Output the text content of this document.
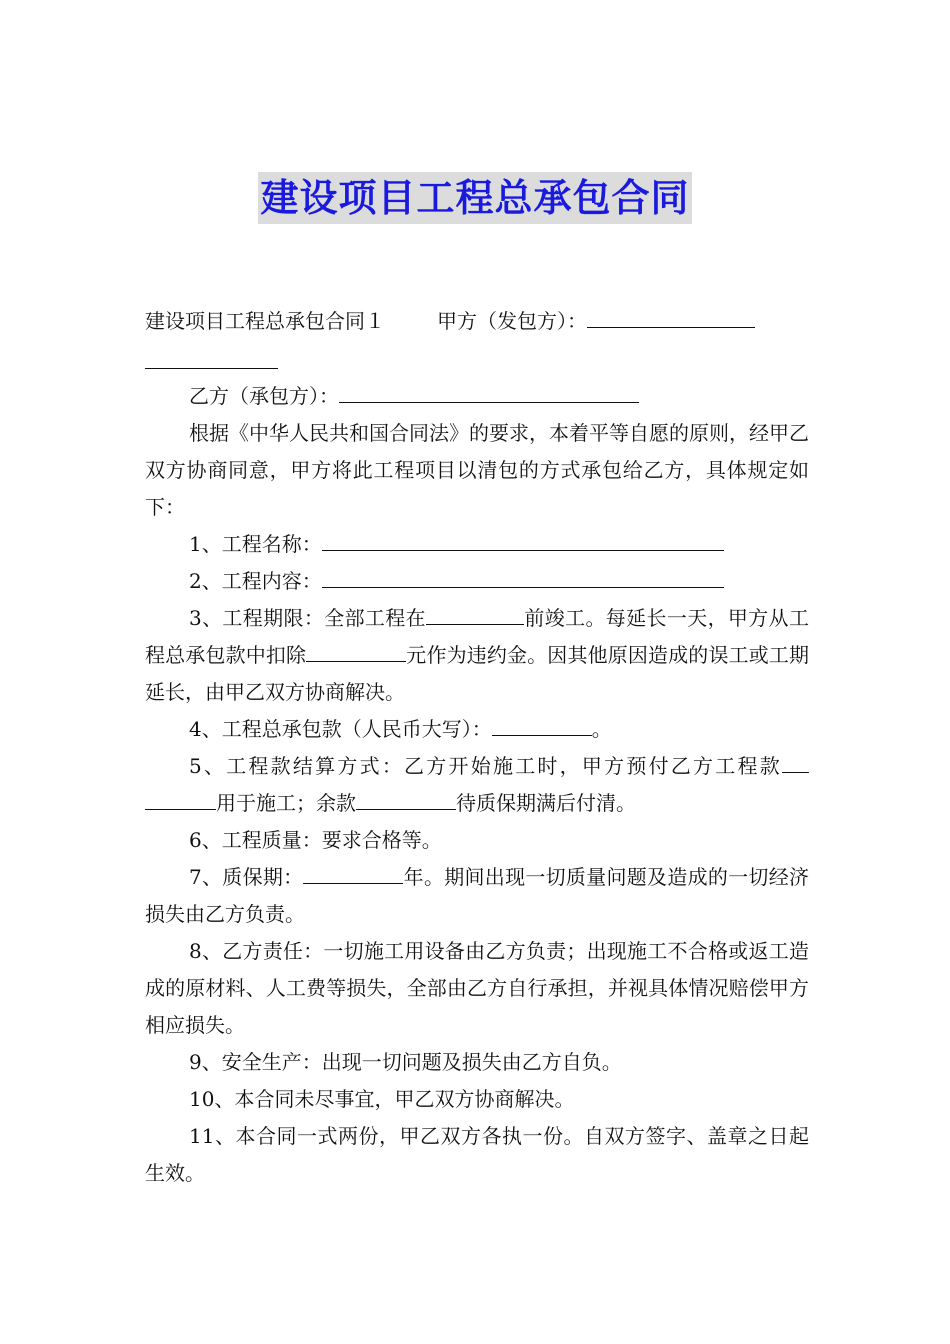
建设项目工程总承包合同

建设项目工程总承包合同１	甲方（发包方）：

乙方（承包方）：

根据《中华人民共和国合同法》的要求，本着平等自愿的原则，经甲乙双方协商同意，甲方将此工程项目以清包的方式承包给乙方，具体规定如下：

1、工程名称：

2、工程内容：

3、工程期限：全部工程在	前竣工。每延长一天，甲方从工程总承包款中扣除	元作为违约金。因其他原因造成的误工或工期延长，由甲乙双方协商解决。

4、工程总承包款（人民币大写）：	。

5、工程款结算方式：乙方开始施工时，甲方预付乙方工程款用于施工；余款	待质保期满后付清。

6、工程质量：要求合格等。

7、质保期：	年。期间出现一切质量问题及造成的一切经济损失由乙方负责。

8、乙方责任：一切施工用设备由乙方负责；出现施工不合格或返工造成的原材料、人工费等损失，全部由乙方自行承担，并视具体情况赔偿甲方相应损失。

9、安全生产：出现一切问题及损失由乙方自负。

10、本合同未尽事宜，甲乙双方协商解决。

11、本合同一式两份，甲乙双方各执一份。自双方签字、盖章之日起生效。
